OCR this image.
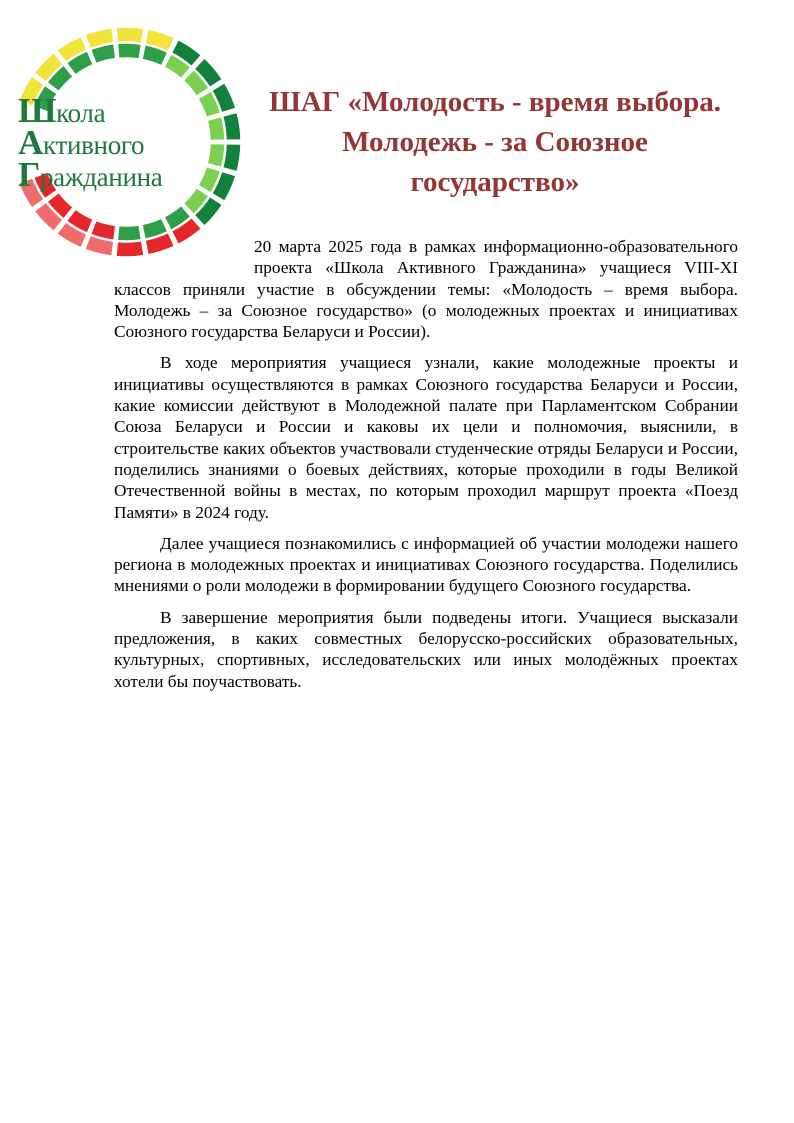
Школа
Активного
Гражданина
ШАГ «Молодость - время выбора. Молодежь - за Союзное государство»

20 марта 2025 года в рамках информационно-образовательного проекта «Школа Активного Гражданина» учащиеся VIII-XI классов приняли участие в обсуждении темы: «Молодость – время выбора. Молодежь – за Союзное государство» (о молодежных проектах и инициативах Союзного государства Беларуси и России).

В ходе мероприятия учащиеся узнали, какие молодежные проекты и инициативы осуществляются в рамках Союзного государства Беларуси и России, какие комиссии действуют в Молодежной палате при Парламентском Собрании Союза Беларуси и России и каковы их цели и полномочия, выяснили, в строительстве каких объектов участвовали студенческие отряды Беларуси и России, поделились знаниями о боевых действиях, которые проходили в годы Великой Отечественной войны в местах, по которым проходил маршрут проекта «Поезд Памяти» в 2024 году.

Далее учащиеся познакомились с информацией об участии молодежи нашего региона в молодежных проектах и инициативах Союзного государства. Поделились мнениями о роли молодежи в формировании будущего Союзного государства.

В завершение мероприятия были подведены итоги. Учащиеся высказали предложения, в каких совместных белорусско-российских образовательных, культурных, спортивных, исследовательских или иных молодёжных проектах хотели бы поучаствовать.
